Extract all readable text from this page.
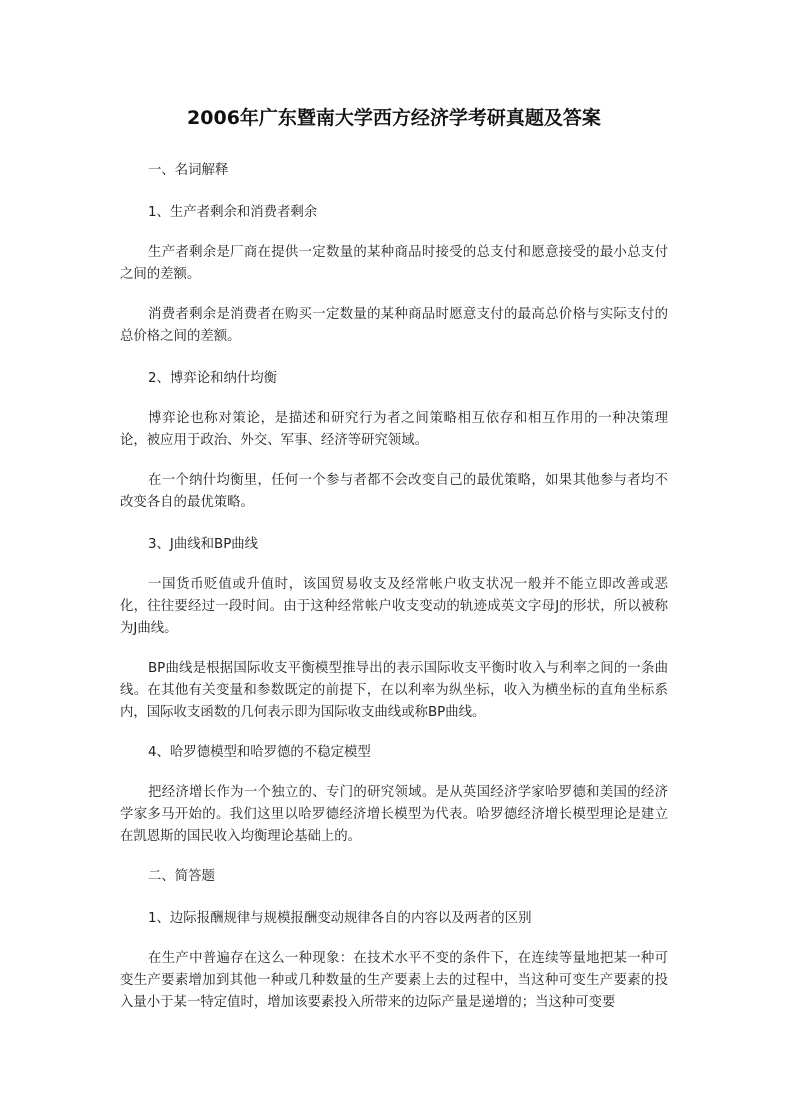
2006年广东暨南大学西方经济学考研真题及答案
一、名词解释
1、生产者剩余和消费者剩余
生产者剩余是厂商在提供一定数量的某种商品时接受的总支付和愿意接受的最小总支付之间的差额。
消费者剩余是消费者在购买一定数量的某种商品时愿意支付的最高总价格与实际支付的总价格之间的差额。
2、博弈论和纳什均衡
博弈论也称对策论，是描述和研究行为者之间策略相互依存和相互作用的一种决策理论，被应用于政治、外交、军事、经济等研究领域。
在一个纳什均衡里，任何一个参与者都不会改变自己的最优策略，如果其他参与者均不改变各自的最优策略。
3、J曲线和BP曲线
一国货币贬值或升值时，该国贸易收支及经常帐户收支状况一般并不能立即改善或恶化，往往要经过一段时间。由于这种经常帐户收支变动的轨迹成英文字母J的形状，所以被称为J曲线。
BP曲线是根据国际收支平衡模型推导出的表示国际收支平衡时收入与利率之间的一条曲线。在其他有关变量和参数既定的前提下，在以利率为纵坐标，收入为横坐标的直角坐标系内，国际收支函数的几何表示即为国际收支曲线或称BP曲线。
4、哈罗德模型和哈罗德的不稳定模型
把经济增长作为一个独立的、专门的研究领域。是从英国经济学家哈罗德和美国的经济学家多马开始的。我们这里以哈罗德经济增长模型为代表。哈罗德经济增长模型理论是建立在凯恩斯的国民收入均衡理论基础上的。
二、简答题
1、边际报酬规律与规模报酬变动规律各自的内容以及两者的区别
在生产中普遍存在这么一种现象：在技术水平不变的条件下，在连续等量地把某一种可变生产要素增加到其他一种或几种数量的生产要素上去的过程中，当这种可变生产要素的投入量小于某一特定值时，增加该要素投入所带来的边际产量是递增的；当这种可变要
